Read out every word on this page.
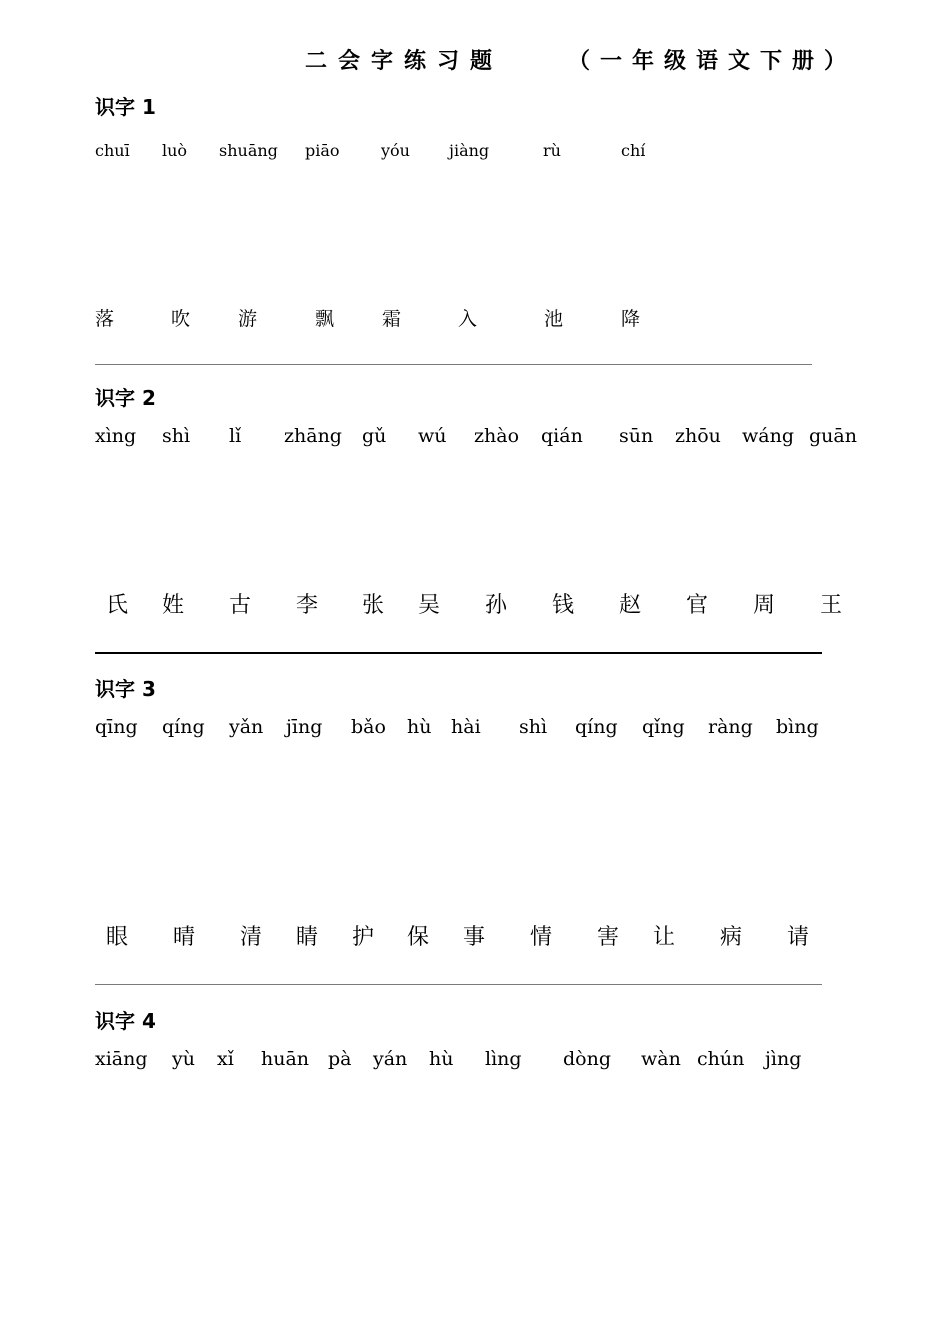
二会字练习题	（一年级语文下册）
识字 1
chuī luò shuāng piāo	yóu jiàng	rù	chí
落	吹	游	飘	霜	入	池	降
识字 2
xìng shì lǐ zhāng gǔ wú zhào qián sūn zhōu wáng guān
氏 姓 古 李 张 吴 孙 钱 赵 官 周 王
识字 3
qīng qíng yǎn jīng bǎo hù hài shì qíng qǐng ràng bìng
眼 晴 清 睛 护 保 事 情 害 让 病 请
识字 4
xiāng yù xǐ huān pà yán hù lìng dòng wàn chún jìng
